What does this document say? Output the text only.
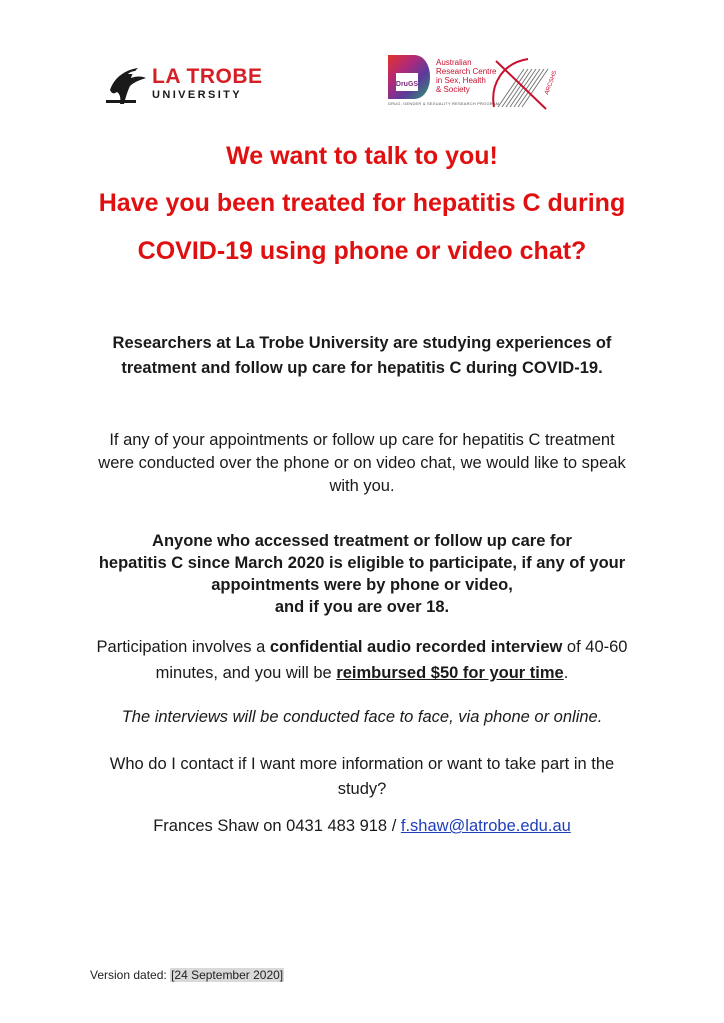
LA TROBE
UNIVERSITY
DruGS
DRUG, GENDER & SEXUALITY RESEARCH PROGRAM
Australian
Research Centre
in Sex, Health
& Society	ARCSHS
We want to talk to you!
Have you been treated for hepatitis C during
COVID-19 using phone or video chat?
Researchers at La Trobe University are studying experiences of
treatment and follow up care for hepatitis C during COVID-19.
If any of your appointments or follow up care for hepatitis C treatment
were conducted over the phone or on video chat, we would like to speak
with you.
Anyone who accessed treatment or follow up care for
hepatitis C since March 2020 is eligible to participate, if any of your
appointments were by phone or video,
and if you are over 18.
Participation involves a confidential audio recorded interview of 40-60
minutes, and you will be reimbursed $50 for your time.
The interviews will be conducted face to face, via phone or online.
Who do I contact if I want more information or want to take part in the
study?
Frances Shaw on 0431 483 918 / f.shaw@latrobe.edu.au
Version dated: [24 September 2020]
